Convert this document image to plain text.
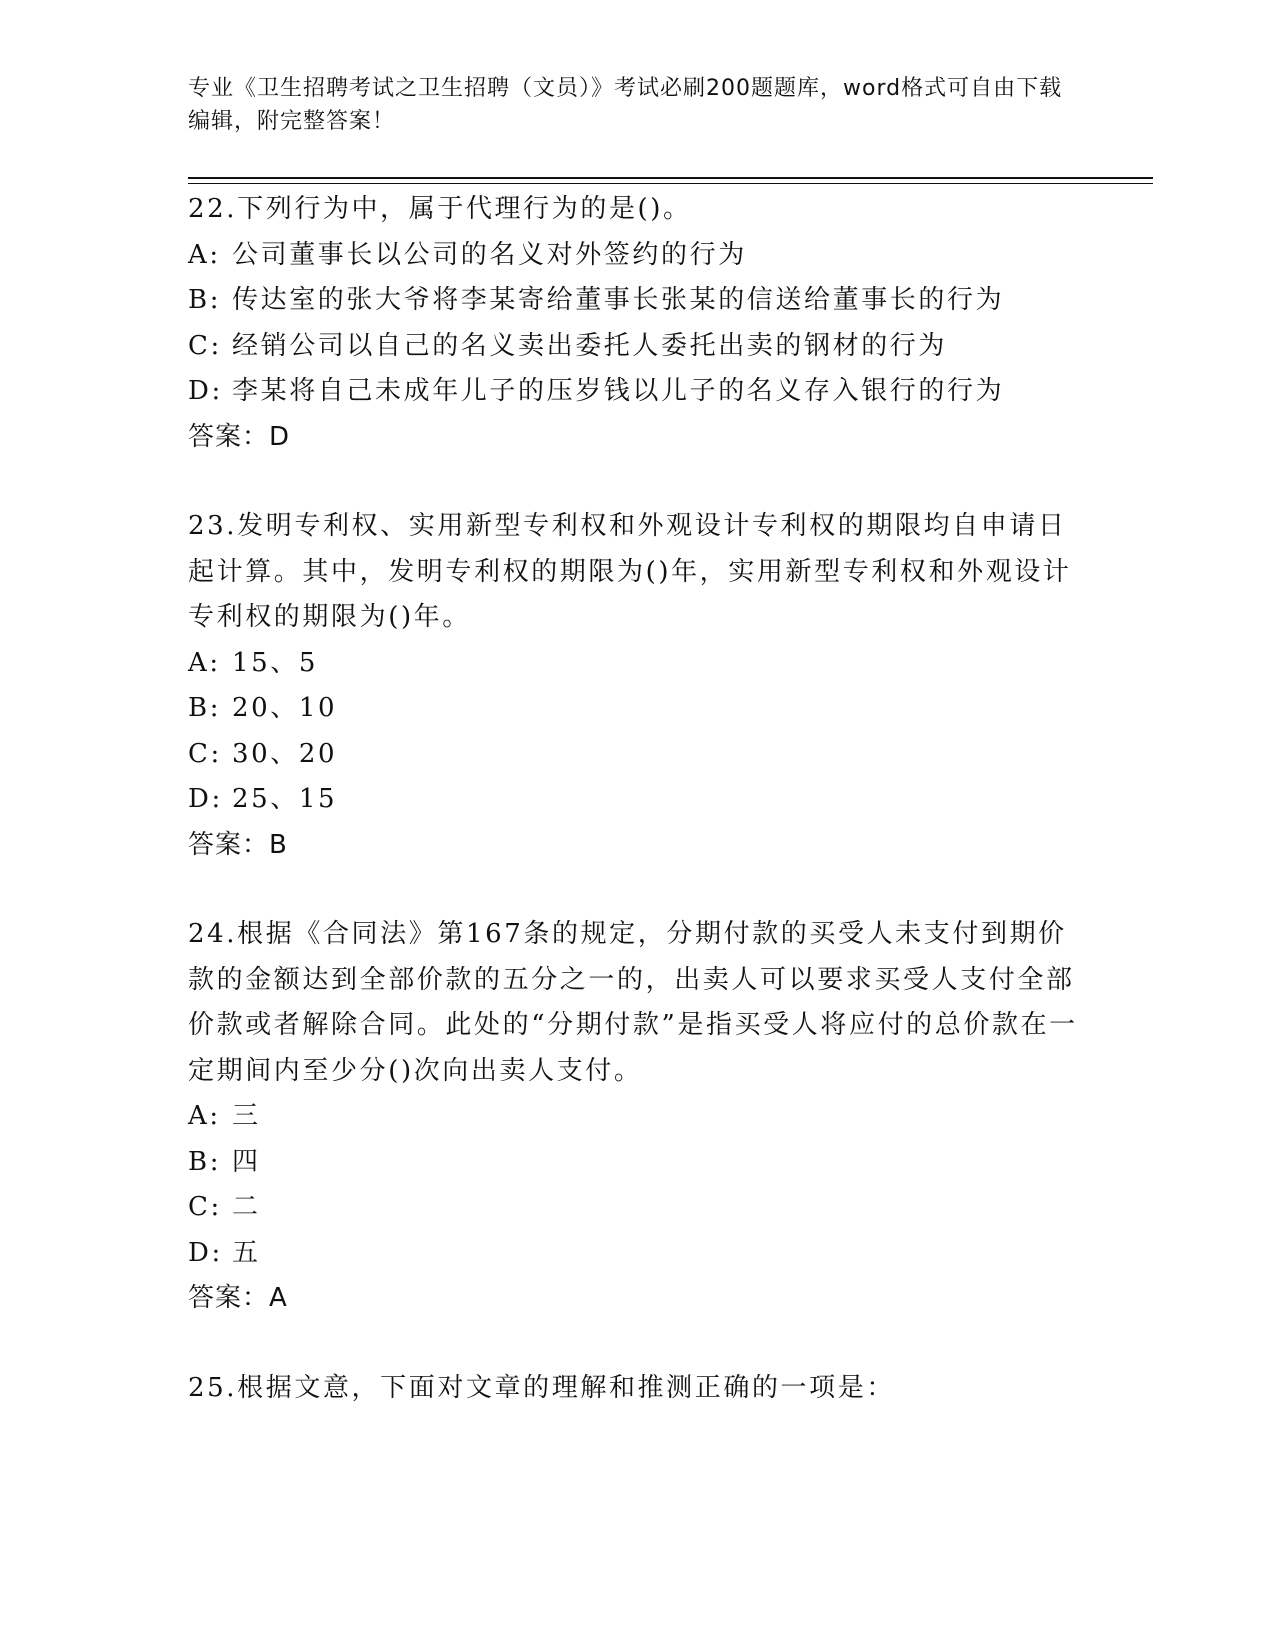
专业《卫生招聘考试之卫生招聘（文员）》考试必刷200题题库，word格式可自由下载编辑，附完整答案！

22.下列行为中，属于代理行为的是()。

A: 公司董事长以公司的名义对外签约的行为

B: 传达室的张大爷将李某寄给董事长张某的信送给董事长的行为

C: 经销公司以自己的名义卖出委托人委托出卖的钢材的行为

D: 李某将自己未成年儿子的压岁钱以儿子的名义存入银行的行为

答案：D

23.发明专利权、实用新型专利权和外观设计专利权的期限均自申请日起计算。其中，发明专利权的期限为()年，实用新型专利权和外观设计专利权的期限为()年。

A: 15、5

B: 20、10

C: 30、20

D: 25、15

答案：B

24.根据《合同法》第167条的规定，分期付款的买受人未支付到期价款的金额达到全部价款的五分之一的，出卖人可以要求买受人支付全部价款或者解除合同。此处的“分期付款”是指买受人将应付的总价款在一定期间内至少分()次向出卖人支付。

A: 三

B: 四

C: 二

D: 五

答案：A

25.根据文意，下面对文章的理解和推测正确的一项是：
